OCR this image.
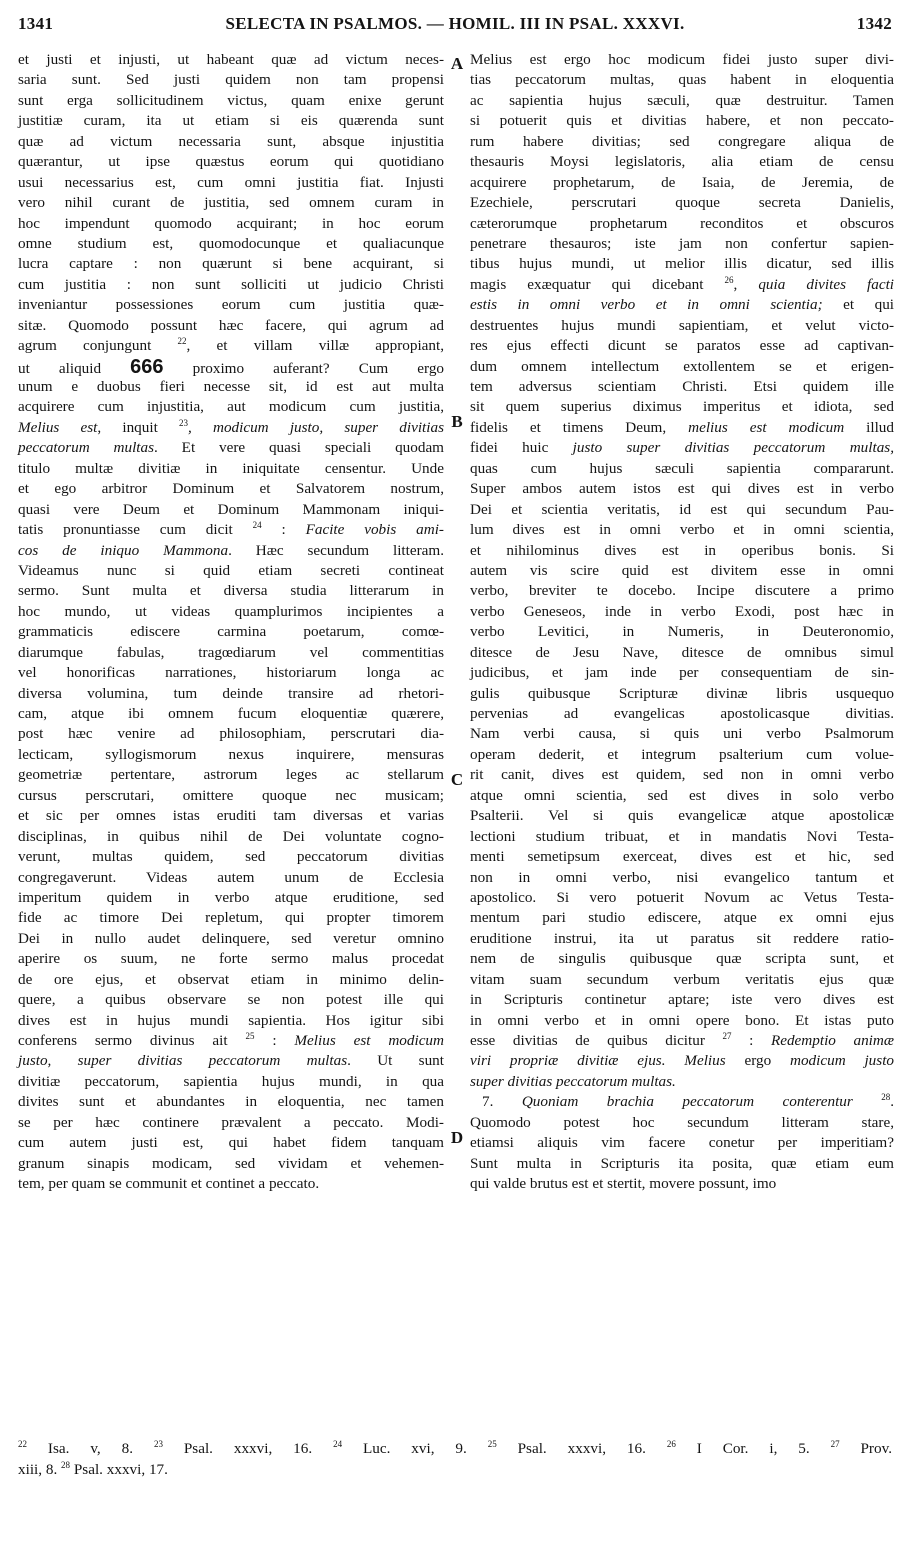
1341	SELECTA IN PSALMOS. — HOMIL. III IN PSAL. XXXVI.	1342
A
B
C
D
et justi et injusti, ut habeant quæ ad victum neces-
saria sunt. Sed justi quidem non tam propensi
sunt erga sollicitudinem victus, quam enixe gerunt
justitiæ curam, ita ut etiam si eis quærenda sunt
quæ ad victum necessaria sunt, absque injustitia
quærantur, ut ipse quæstus eorum qui quotidiano
usui necessarius est, cum omni justitia fiat. Injusti
vero nihil curant de justitia, sed omnem curam in
hoc impendunt quomodo acquirant; in hoc eorum
omne studium est, quomodocunque et qualiacunque
lucra captare : non quærunt si bene acquirant, si
cum justitia : non sunt solliciti ut judicio Christi
inveniantur possessiones eorum cum justitia quæ-
sitæ. Quomodo possunt hæc facere, qui agrum ad
agrum conjungunt	$^{22}$, et villam villæ appropiant,
ut aliquid 666 proximo auferant? Cum ergo
unum e duobus fieri necesse sit, id est aut multa
acquirere cum injustitia, aut modicum cum justitia,
Melius est, inquit $^{23}$, modicum justo, super divitias
peccatorum multas. Et vere quasi speciali quodam
titulo multæ divitiæ in iniquitate censentur. Unde
et ego arbitror Dominum et Salvatorem nostrum,
quasi vere Deum et Dominum Mammonam iniqui-
tatis pronuntiasse cum dicit $^{24}$ : Facite vobis ami-
cos de iniquo Mammona. Hæc secundum litteram.
Videamus nunc si quid etiam secreti contineat
sermo. Sunt multa et diversa studia litterarum in
hoc mundo, ut videas quamplurimos incipientes a
grammaticis ediscere carmina poetarum, comœ-
diarumque fabulas, tragœdiarum vel commentitias
vel honorificas narrationes, historiarum longa ac
diversa volumina, tum deinde transire ad rhetori-
cam, atque ibi omnem fucum eloquentiæ quærere,
post hæc venire ad philosophiam, perscrutari dia-
lecticam, syllogismorum nexus inquirere, mensuras
geometriæ pertentare, astrorum leges ac stellarum
cursus perscrutari, omittere quoque nec musicam;
et sic per omnes istas eruditi tam diversas et varias
disciplinas, in quibus nihil de Dei voluntate cogno-
verunt, multas quidem, sed peccatorum divitias
congregaverunt. Videas autem unum de Ecclesia
imperitum quidem in verbo atque eruditione, sed
fide ac timore Dei repletum, qui propter timorem
Dei in nullo audet delinquere, sed veretur omnino
aperire os suum, ne forte sermo malus procedat
de ore ejus, et observat etiam in minimo delin-
quere, a quibus observare se non potest ille qui
dives est in hujus mundi sapientia. Hos igitur sibi
conferens sermo divinus ait $^{25}$ : Melius est modicum
justo, super divitias peccatorum multas. Ut sunt
divitiæ peccatorum, sapientia hujus mundi, in qua
divites sunt et abundantes in eloquentia, nec tamen
se per hæc continere prævalent a peccato. Modi-
cum autem justi est, qui habet fidem tanquam
granum sinapis modicam, sed vividam et vehemen-
tem, per quam se communit et continet a peccato.
Melius est ergo hoc modicum fidei justo super divi-
tias peccatorum multas, quas habent in eloquentia
ac sapientia hujus sæculi, quæ destruitur. Tamen
si potuerit quis et divitias habere, et non peccato-
rum habere divitias; sed congregare aliqua de
thesauris Moysi legislatoris, alia etiam de censu
acquirere prophetarum, de Isaia, de Jeremia, de
Ezechiele, perscrutari quoque secreta Danielis,
cæterorumque prophetarum reconditos et obscuros
penetrare thesauros; iste jam non confertur sapien-
tibus hujus mundi, ut melior illis dicatur, sed illis
magis exæquatur qui dicebant $^{26}$, quia divites facti
estis in omni verbo et in omni scientia; et qui
destruentes hujus mundi sapientiam, et velut victo-
res ejus effecti dicunt se paratos esse ad captivan-
dum omnem intellectum extollentem se et erigen-
tem adversus scientiam Christi. Etsi quidem ille
sit quem superius diximus imperitus et idiota, sed
fidelis et timens Deum, melius est modicum illud
fidei huic justo super divitias peccatorum multas,
quas cum hujus sæculi sapientia compararunt.
Super ambos autem istos est qui dives est in verbo
Dei et scientia veritatis, id est qui secundum Pau-
lum dives est in omni verbo et in omni scientia,
et nihilominus dives est in operibus bonis. Si
autem vis scire quid est divitem esse in omni
verbo, breviter te docebo. Incipe discutere a primo
verbo Geneseos, inde in verbo Exodi, post hæc in
verbo Levitici, in Numeris, in Deuteronomio,
ditesce de Jesu Nave, ditesce de omnibus simul
judicibus, et jam inde per consequentiam de sin-
gulis quibusque Scripturæ divinæ libris usquequo
pervenias ad evangelicas apostolicasque divitias.
Nam verbi causa, si quis uni verbo Psalmorum
operam dederit, et integrum psalterium cum volue-
rit canit, dives est quidem, sed non in omni verbo
atque omni scientia, sed est dives in solo verbo
Psalterii. Vel si quis evangelicæ atque apostolicæ
lectioni studium tribuat, et in mandatis Novi Testa-
menti semetipsum exerceat, dives est et hic, sed
non in omni verbo, nisi evangelico tantum et
apostolico. Si vero potuerit Novum ac Vetus Testa-
mentum pari studio ediscere, atque ex omni ejus
eruditione instrui, ita ut paratus sit reddere ratio-
nem de singulis quibusque quæ scripta sunt, et
vitam suam secundum verbum veritatis ejus quæ
in Scripturis continetur aptare; iste vero dives est
in omni verbo et in omni opere bono. Et istas puto
esse divitias de quibus dicitur $^{27}$ : Redemptio animæ
viri propriæ divitiæ ejus. Melius ergo modicum justo
super divitias peccatorum multas.
7. Quoniam brachia peccatorum conterentur	$^{28}$.
Quomodo potest hoc secundum litteram stare,
etiamsi aliquis vim facere conetur per imperitiam?
Sunt multa in Scripturis ita posita, quæ etiam eum
qui valde brutus est et stertit, movere possunt, imo
$^{22}$ Isa. v, 8. $^{23}$ Psal. xxxvi, 16. $^{24}$ Luc. xvi, 9. $^{25}$ Psal. xxxvi, 16. $^{26}$ I Cor. i, 5. $^{27}$ Prov.
xiii, 8. $^{28}$ Psal. xxxvi, 17.
